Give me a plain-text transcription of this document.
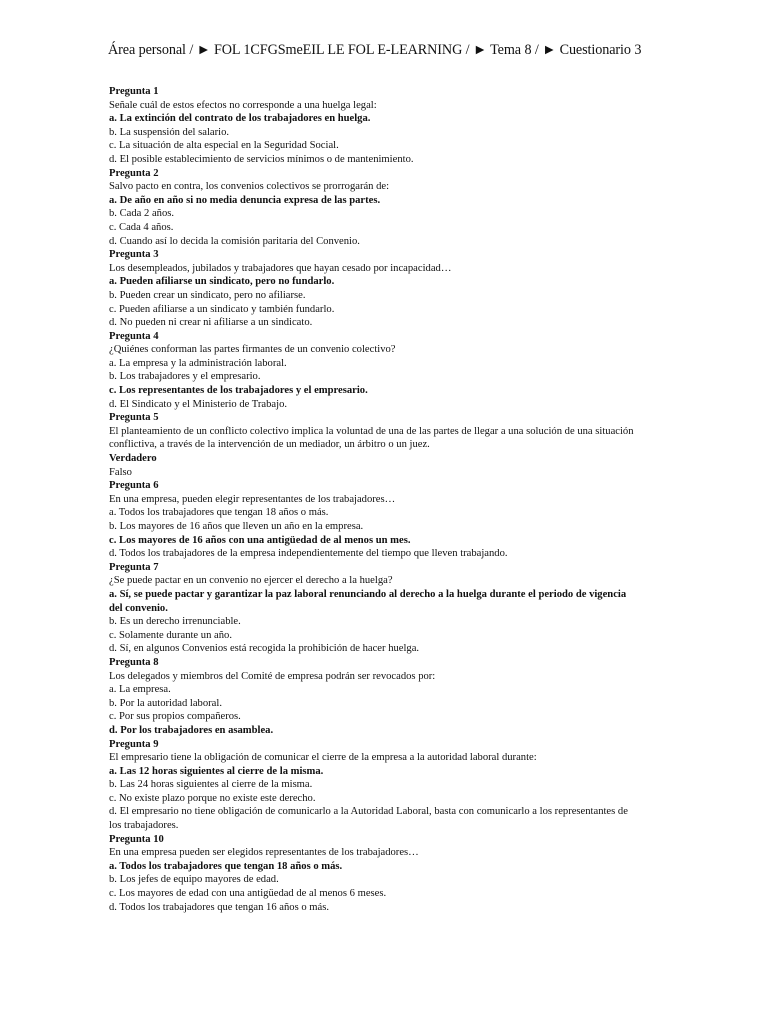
Área personal / ► FOL 1CFGSmeEIL LE FOL E-LEARNING / ► Tema 8 / ► Cuestionario 3
Pregunta 1
Señale cuál de estos efectos no corresponde a una huelga legal:
a. La extinción del contrato de los trabajadores en huelga.
b. La suspensión del salario.
c. La situación de alta especial en la Seguridad Social.
d. El posible establecimiento de servicios mínimos o de mantenimiento.
Pregunta 2
Salvo pacto en contra, los convenios colectivos se prorrogarán de:
a. De año en año si no media denuncia expresa de las partes.
b. Cada 2 años.
c. Cada 4 años.
d. Cuando así lo decida la comisión paritaria del Convenio.
Pregunta 3
Los desempleados, jubilados y trabajadores que hayan cesado por incapacidad…
a. Pueden afiliarse un sindicato, pero no fundarlo.
b. Pueden crear un sindicato, pero no afiliarse.
c. Pueden afiliarse a un sindicato y también fundarlo.
d. No pueden ni crear ni afiliarse a un sindicato.
Pregunta 4
¿Quiénes conforman las partes firmantes de un convenio colectivo?
a. La empresa y la administración laboral.
b. Los trabajadores y el empresario.
c. Los representantes de los trabajadores y el empresario.
d. El Sindicato y el Ministerio de Trabajo.
Pregunta 5
El planteamiento de un conflicto colectivo implica la voluntad de una de las partes de llegar a una solución de una situación conflictiva, a través de la intervención de un mediador, un árbitro o un juez.
Verdadero
Falso
Pregunta 6
En una empresa, pueden elegir representantes de los trabajadores…
a. Todos los trabajadores que tengan 18 años o más.
b. Los mayores de 16 años que lleven un año en la empresa.
c. Los mayores de 16 años con una antigüedad de al menos un mes.
d. Todos los trabajadores de la empresa independientemente del tiempo que lleven trabajando.
Pregunta 7
¿Se puede pactar en un convenio no ejercer el derecho a la huelga?
a. Sí, se puede pactar y garantizar la paz laboral renunciando al derecho a la huelga durante el periodo de vigencia del convenio.
b. Es un derecho irrenunciable.
c. Solamente durante un año.
d. Sí, en algunos Convenios está recogida la prohibición de hacer huelga.
Pregunta 8
Los delegados y miembros del Comité de empresa podrán ser revocados por:
a. La empresa.
b. Por la autoridad laboral.
c. Por sus propios compañeros.
d. Por los trabajadores en asamblea.
Pregunta 9
El empresario tiene la obligación de comunicar el cierre de la empresa a la autoridad laboral durante:
a. Las 12 horas siguientes al cierre de la misma.
b. Las 24 horas siguientes al cierre de la misma.
c. No existe plazo porque no existe este derecho.
d. El empresario no tiene obligación de comunicarlo a la Autoridad Laboral, basta con comunicarlo a los representantes de los trabajadores.
Pregunta 10
En una empresa pueden ser elegidos representantes de los trabajadores…
a. Todos los trabajadores que tengan 18 años o más.
b. Los jefes de equipo mayores de edad.
c. Los mayores de edad con una antigüedad de al menos 6 meses.
d. Todos los trabajadores que tengan 16 años o más.
